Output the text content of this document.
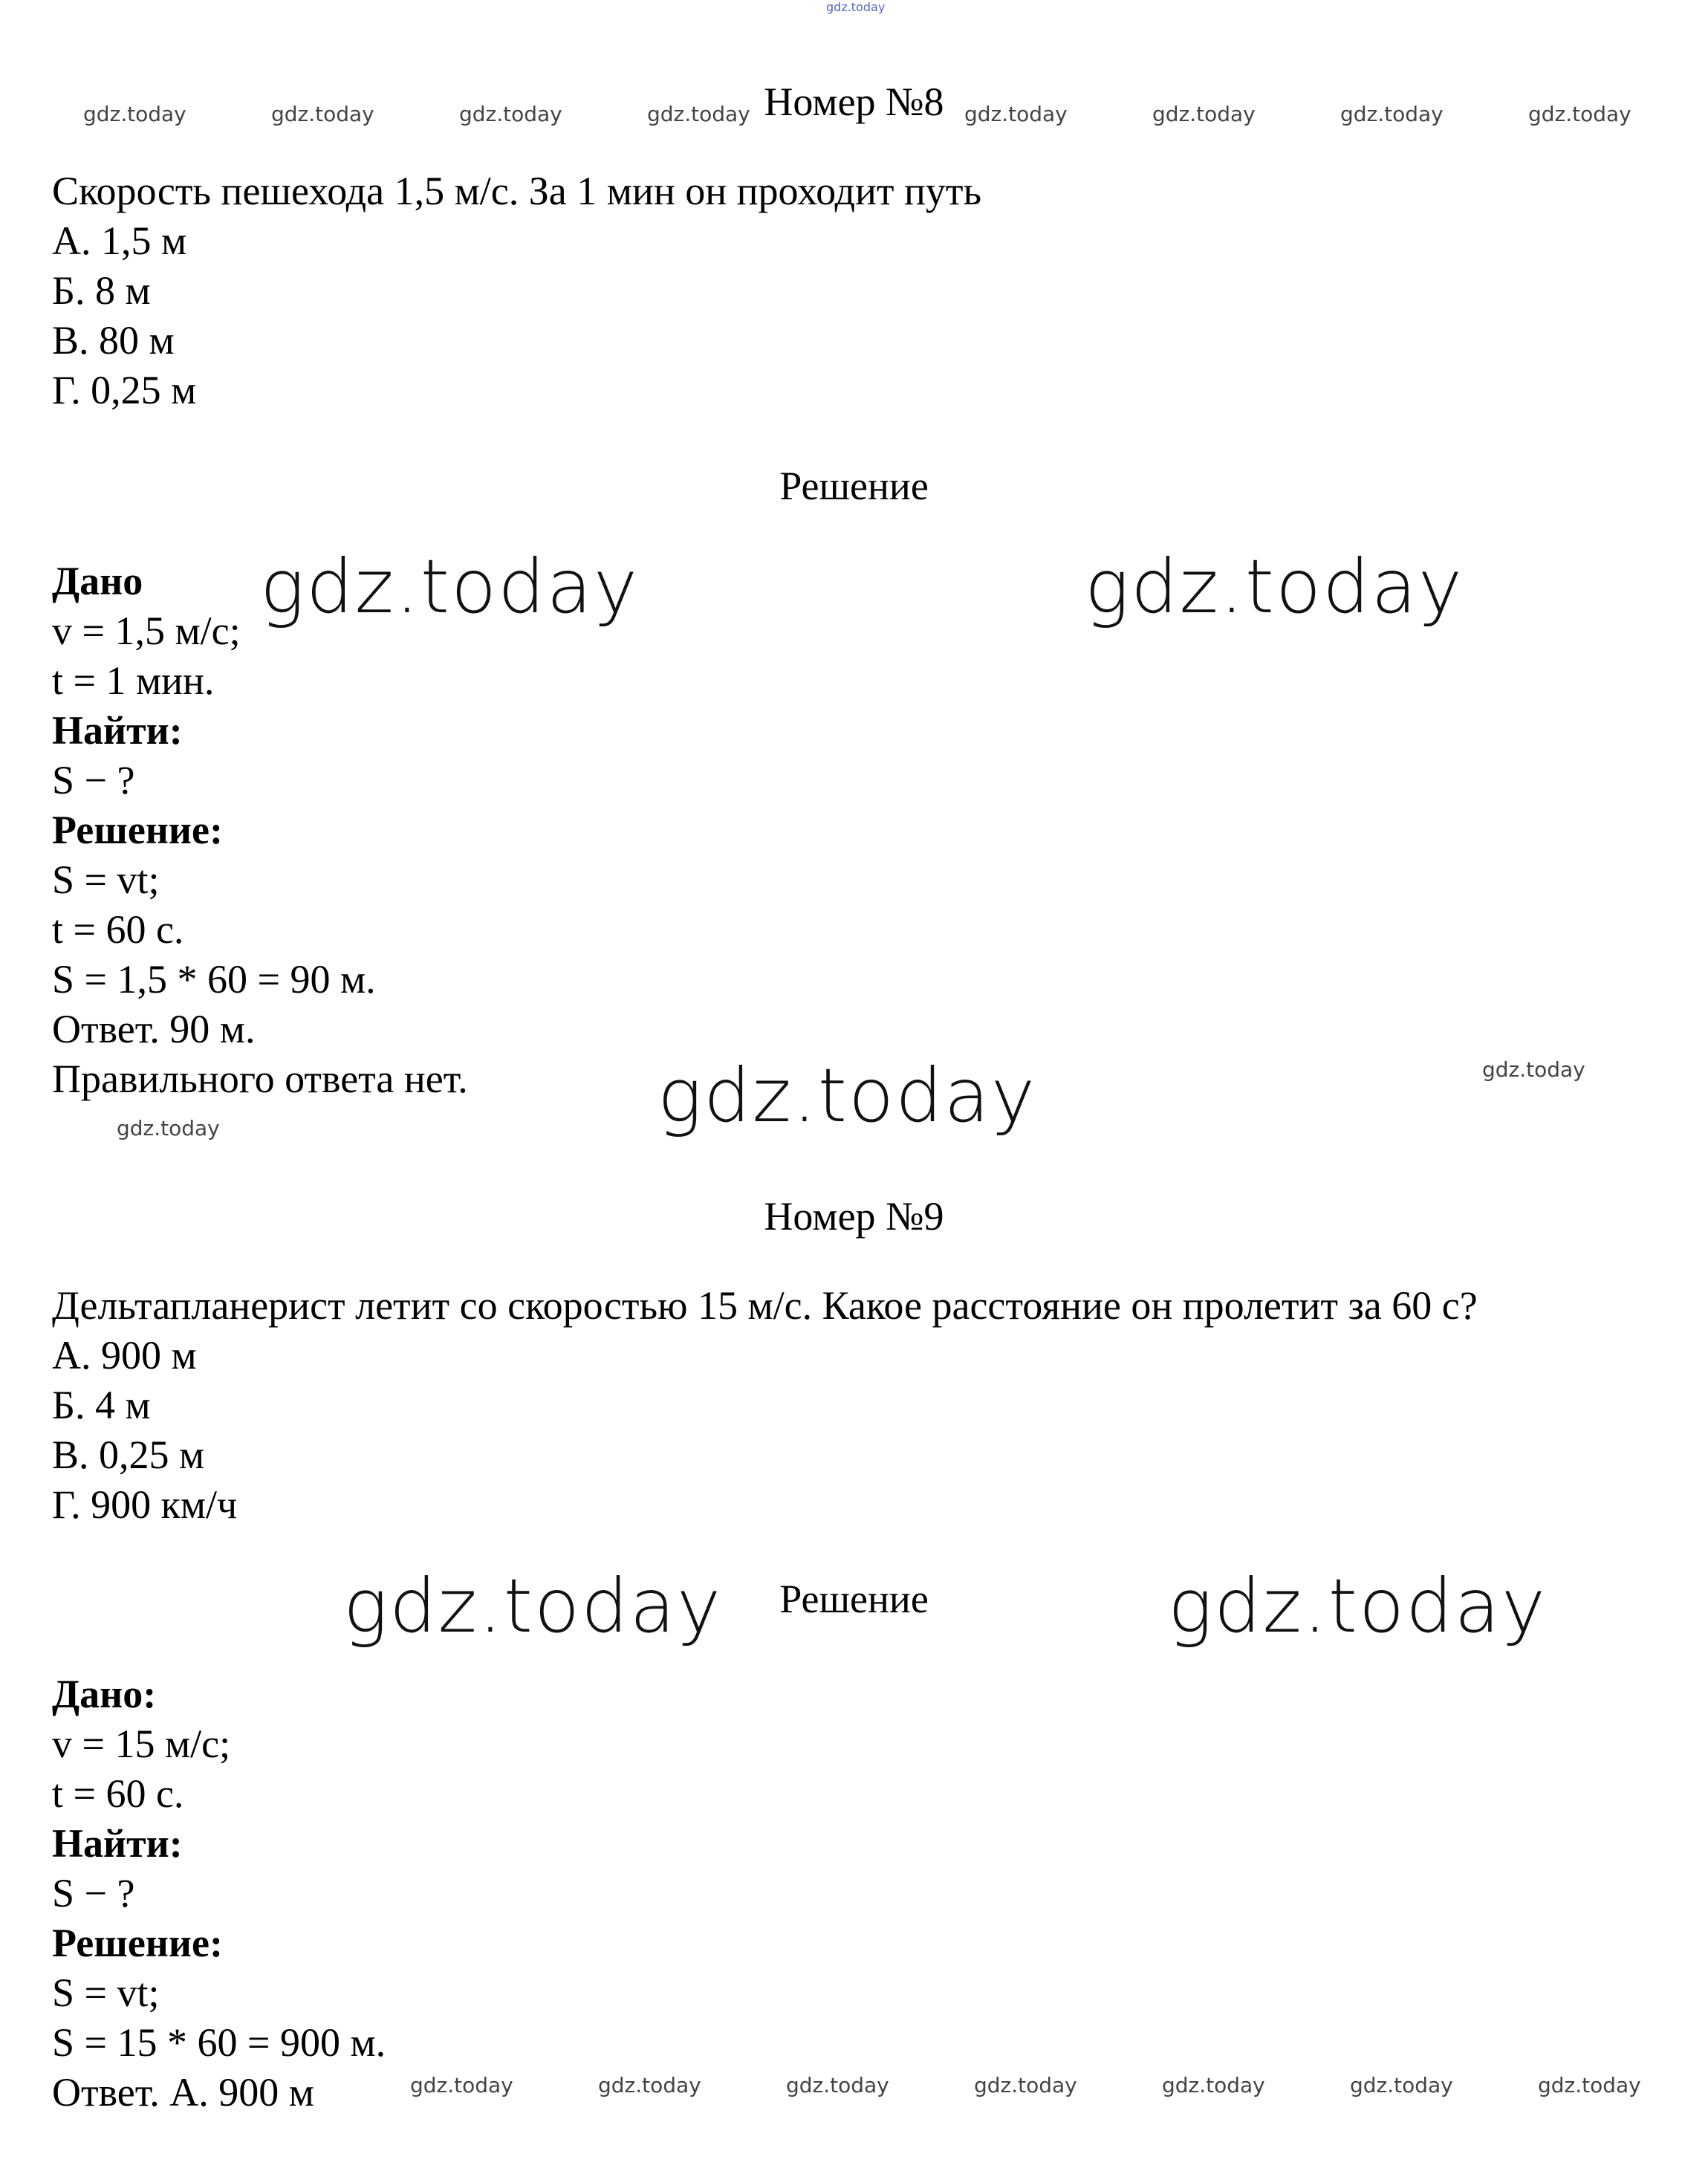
gdz.today
gdz.today	gdz.today	gdz.today	gdz.today	gdz.today	gdz.today	gdz.today	gdz.today
Номер №8
Скорость пешехода 1,5 м/с. За 1 мин он проходит путь
А. 1,5 м
Б. 8 м
В. 80 м
Г. 0,25 м
Решение
Дано
v = 1,5 м/с;
t = 1 мин.
Найти:
S − ?
Решение:
S = vt;
t = 60 с.
S = 1,5 * 60 = 90 м.
Ответ. 90 м.
Правильного ответа нет.
gdz.today	gdz.today
gdz.today	gdz.today
gdz.today
Номер №9
Дельтапланерист летит со скоростью 15 м/с. Какое расстояние он пролетит за 60 с?
А. 900 м
Б. 4 м
В. 0,25 м
Г. 900 км/ч
Решение
gdz.today	gdz.today
Дано:
v = 15 м/с;
t = 60 с.
Найти:
S − ?
Решение:
S = vt;
S = 15 * 60 = 900 м.
Ответ. А. 900 м	gdz.today	gdz.today	gdz.today	gdz.today	gdz.today	gdz.today	gdz.today
